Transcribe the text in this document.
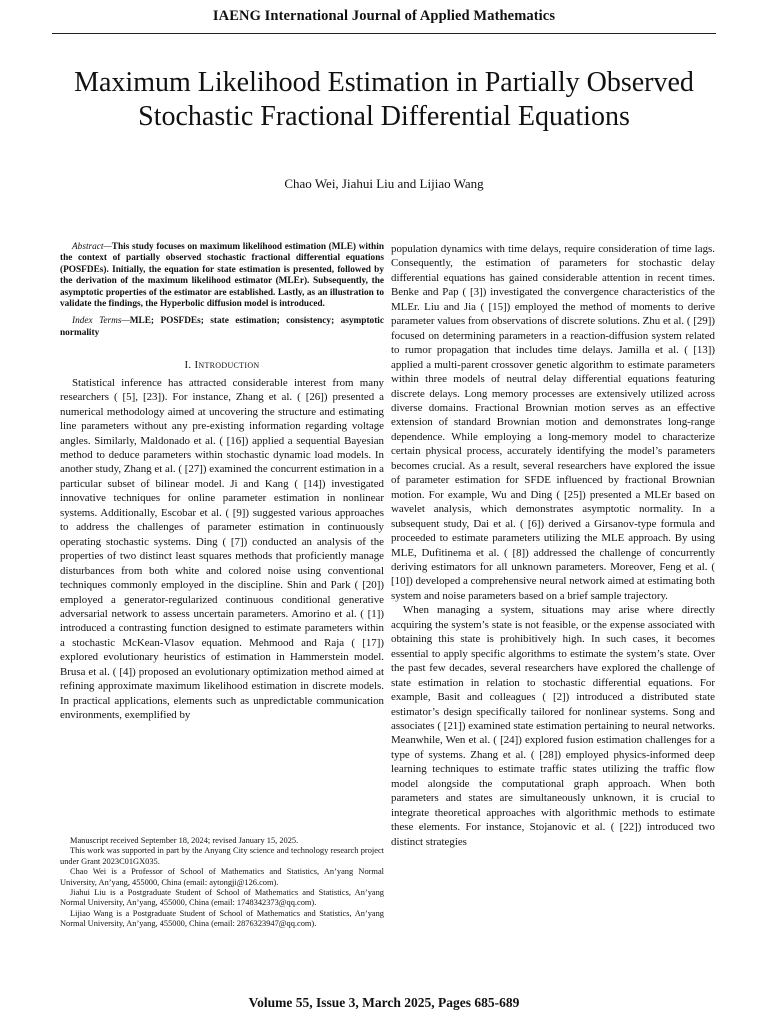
IAENG International Journal of Applied Mathematics
Maximum Likelihood Estimation in Partially Observed Stochastic Fractional Differential Equations
Chao Wei, Jiahui Liu and Lijiao Wang

Abstract—This study focuses on maximum likelihood estimation (MLE) within the context of partially observed stochastic fractional differential equations (POSFDEs). Initially, the equation for state estimation is presented, followed by the derivation of the maximum likelihood estimator (MLEr). Subsequently, the asymptotic properties of the estimator are established. Lastly, as an illustration to validate the findings, the Hyperbolic diffusion model is introduced.

Index Terms—MLE; POSFDEs; state estimation; consistency; asymptotic normality

I. Introduction

Statistical inference has attracted considerable interest from many researchers ( [5], [23]). For instance, Zhang et al. ( [26]) presented a numerical methodology aimed at uncovering the structure and estimating line parameters without any pre-existing information regarding voltage angles. Similarly, Maldonado et al. ( [16]) applied a sequential Bayesian method to deduce parameters within stochastic dynamic load models. In another study, Zhang et al. ( [27]) examined the concurrent estimation in a particular subset of bilinear model. Ji and Kang ( [14]) investigated innovative techniques for online parameter estimation in nonlinear systems. Additionally, Escobar et al. ( [9]) suggested various approaches to address the challenges of parameter estimation in continuously operating stochastic systems. Ding ( [7]) conducted an analysis of the properties of two distinct least squares methods that proficiently manage disturbances from both white and colored noise using conventional techniques commonly employed in the discipline. Shin and Park ( [20]) employed a generator-regularized continuous conditional generative adversarial network to assess uncertain parameters. Amorino et al. ( [1]) introduced a contrasting function designed to estimate parameters within a stochastic McKean-Vlasov equation. Mehmood and Raja ( [17]) explored evolutionary heuristics of estimation in Hammerstein model. Brusa et al. ( [4]) proposed an evolutionary optimization method aimed at refining approximate maximum likelihood estimation in discrete models. In practical applications, elements such as unpredictable communication environments, exemplified by

Manuscript received September 18, 2024; revised January 15, 2025.

This work was supported in part by the Anyang City science and technology research project under Grant 2023C01GX035.

Chao Wei is a Professor of School of Mathematics and Statistics, An’yang Normal University, An’yang, 455000, China (email: aytongji@126.com).

Jiahui Liu is a Postgraduate Student of School of Mathematics and Statistics, An’yang Normal University, An’yang, 455000, China (email: 1748342373@qq.com).

Lijiao Wang is a Postgraduate Student of School of Mathematics and Statistics, An’yang Normal University, An’yang, 455000, China (email: 2876323947@qq.com).

population dynamics with time delays, require consideration of time lags. Consequently, the estimation of parameters for stochastic delay differential equations has gained considerable attention in recent times. Benke and Pap ( [3]) investigated the convergence characteristics of the MLEr. Liu and Jia ( [15]) employed the method of moments to derive parameter values from observations of discrete solutions. Zhu et al. ( [29]) focused on determining parameters in a reaction-diffusion system related to rumor propagation that includes time delays. Jamilla et al. ( [13]) applied a multi-parent crossover genetic algorithm to estimate parameters within three models of neutral delay differential equations featuring discrete delays. Long memory processes are extensively utilized across diverse domains. Fractional Brownian motion serves as an effective extension of standard Brownian motion and demonstrates long-range dependence. While employing a long-memory model to characterize certain physical process, accurately identifying the model’s parameters becomes crucial. As a result, several researchers have explored the issue of parameter estimation for SFDE influenced by fractional Brownian motion. For example, Wu and Ding ( [25]) presented a MLEr based on wavelet analysis, which demonstrates asymptotic normality. In a subsequent study, Dai et al. ( [6]) derived a Girsanov-type formula and proceeded to estimate parameters utilizing the MLE approach. By using MLE, Dufitinema et al. ( [8]) addressed the challenge of concurrently deriving estimators for all unknown parameters. Moreover, Feng et al. ( [10]) developed a comprehensive neural network aimed at estimating both system and noise parameters based on a brief sample trajectory.

When managing a system, situations may arise where directly acquiring the system’s state is not feasible, or the expense associated with obtaining this state is prohibitively high. In such cases, it becomes essential to apply specific algorithms to estimate the system’s state. Over the past few decades, several researchers have explored the challenge of state estimation in relation to stochastic differential equations. For example, Basit and colleagues ( [2]) introduced a distributed state estimator’s design specifically tailored for nonlinear systems. Song and associates ( [21]) examined state estimation pertaining to neural networks. Meanwhile, Wen et al. ( [24]) explored fusion estimation challenges for a type of systems. Zhang et al. ( [28]) employed physics-informed deep learning techniques to estimate traffic states utilizing the traffic flow model alongside the computational graph approach. When both parameters and states are simultaneously unknown, it is crucial to integrate theoretical approaches with algorithmic methods to estimate these elements. For instance, Stojanovic et al. ( [22]) introduced two distinct strategies

Volume 55, Issue 3, March 2025, Pages 685-689
